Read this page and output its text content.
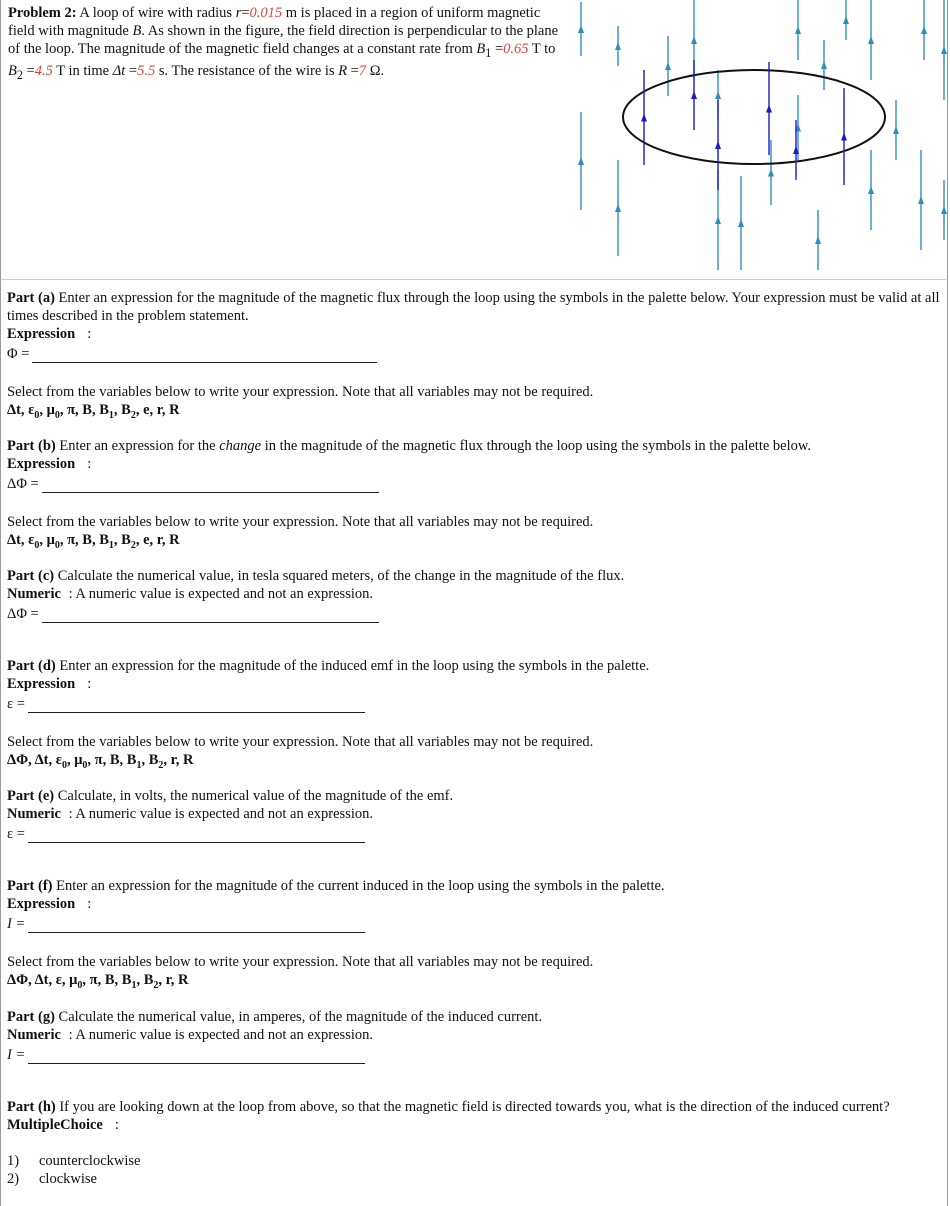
Problem 2: A loop of wire with radius r=0.015 m is placed in a region of uniform magnetic field with magnitude B. As shown in the figure, the field direction is perpendicular to the plane of the loop. The magnitude of the magnetic field changes at a constant rate from $B_1 =0.65$ T to $B_2 =4.5$ T in time Δt =5.5 s. The resistance of the wire is R =7 Ω.
Part (a) Enter an expression for the magnitude of the magnetic flux through the loop using the symbols in the palette below. Your expression must be valid at all times described in the problem statement.
Expression :
Φ =
Select from the variables below to write your expression. Note that all variables may not be required.
Δt, $\varepsilon_0$, $\mu_0$, π, B, $B_1$, $B_2$, e, r, R
Part (b) Enter an expression for the change in the magnitude of the magnetic flux through the loop using the symbols in the palette below.
Expression :
ΔΦ =
Select from the variables below to write your expression. Note that all variables may not be required.
Δt, $\varepsilon_0$, $\mu_0$, π, B, $B_1$, $B_2$, e, r, R
Part (c) Calculate the numerical value, in tesla squared meters, of the change in the magnitude of the flux.
Numeric : A numeric value is expected and not an expression.
ΔΦ =
Part (d) Enter an expression for the magnitude of the induced emf in the loop using the symbols in the palette.
Expression :
ε =
Select from the variables below to write your expression. Note that all variables may not be required.
ΔΦ, Δt, $\varepsilon_0$, $\mu_0$, π, B, $B_1$, $B_2$, r, R
Part (e) Calculate, in volts, the numerical value of the magnitude of the emf.
Numeric : A numeric value is expected and not an expression.
ε =
Part (f) Enter an expression for the magnitude of the current induced in the loop using the symbols in the palette.
Expression :
I =
Select from the variables below to write your expression. Note that all variables may not be required.
ΔΦ, Δt, ε, $\mu_0$, π, B, $B_1$, $B_2$, r, R
Part (g) Calculate the numerical value, in amperes, of the magnitude of the induced current.
Numeric : A numeric value is expected and not an expression.
I =
Part (h) If you are looking down at the loop from above, so that the magnetic field is directed towards you, what is the direction of the induced current?
MultipleChoice :
1)	counterclockwise
2)	clockwise
